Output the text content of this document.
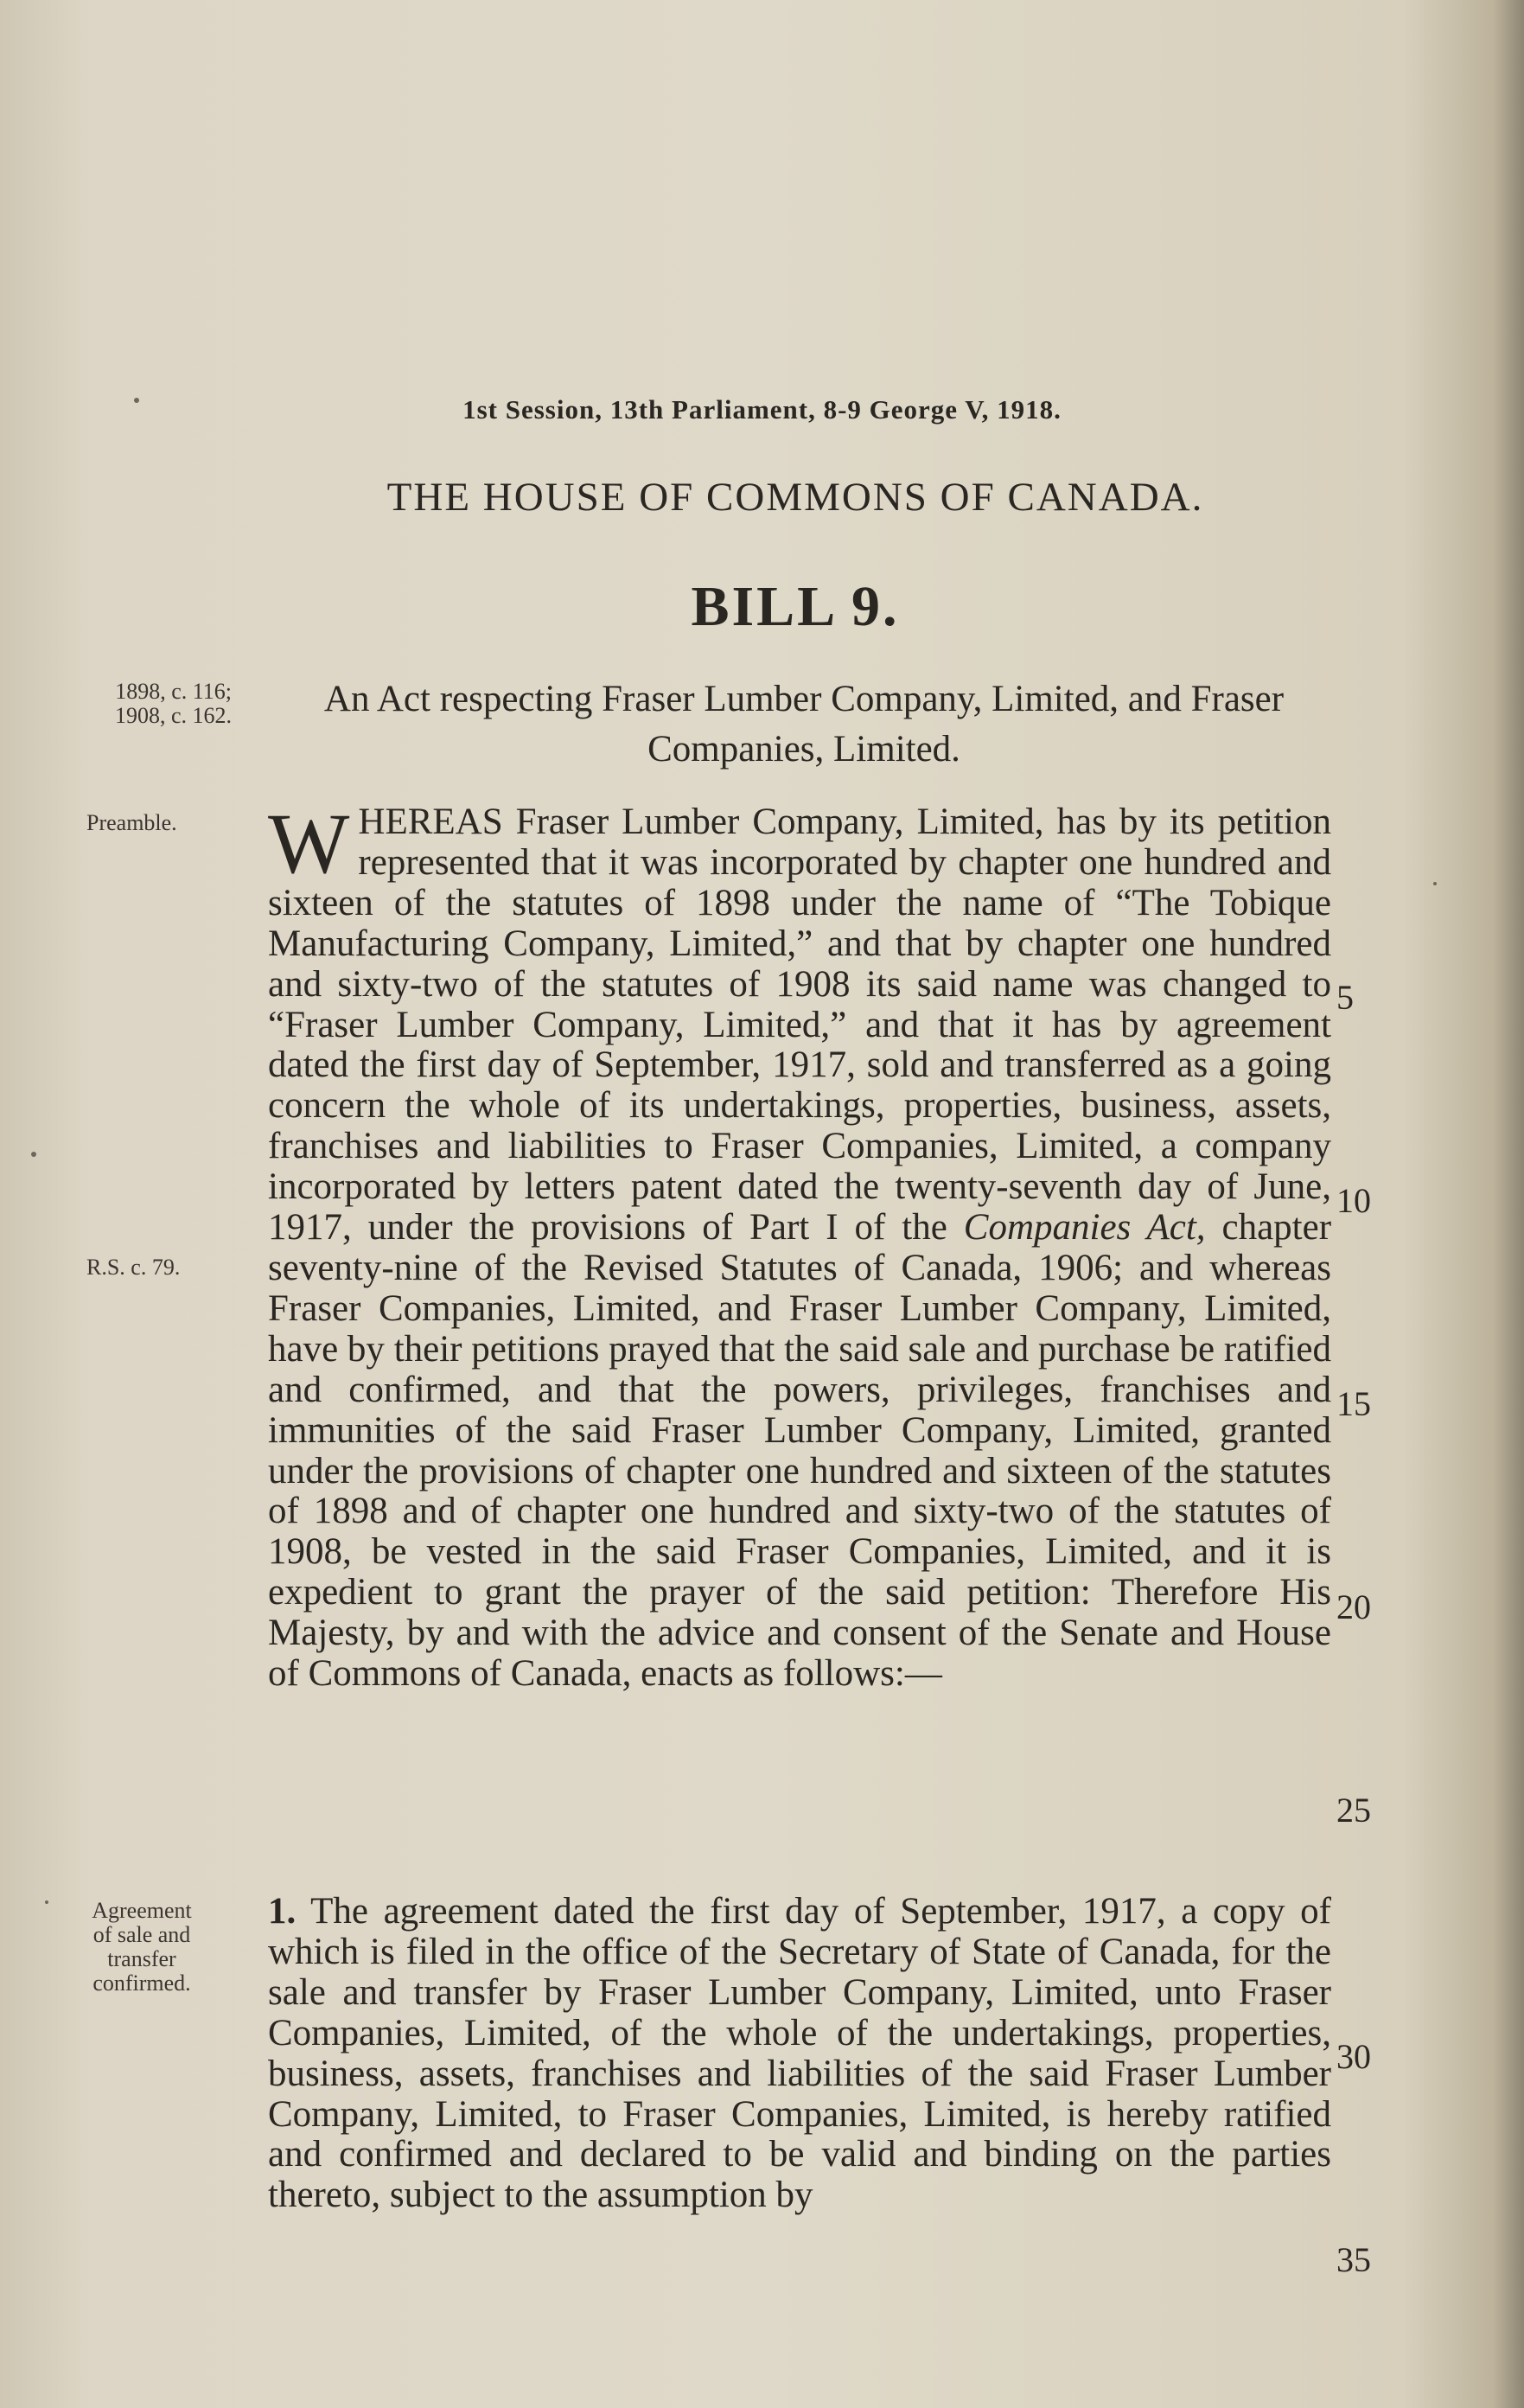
1st Session, 13th Parliament, 8-9 George V, 1918.
THE HOUSE OF COMMONS OF CANADA.
BILL 9.
1898, c. 116;
1908, c. 162.
Preamble.
R.S. c. 79.
Agreement
of sale and
transfer
confirmed.
An Act respecting Fraser Lumber Company, Limited, and Fraser Companies, Limited.
WHEREAS Fraser Lumber Company, Limited, has by its petition represented that it was incorporated by chapter one hundred and sixteen of the statutes of 1898 under the name of “The Tobique Manufacturing Company, Limited,” and that by chapter one hundred and sixty-two of the statutes of 1908 its said name was changed to “Fraser Lumber Company, Limited,” and that it has by agreement dated the first day of September, 1917, sold and transferred as a going concern the whole of its undertakings, properties, business, assets, franchises and liabilities to Fraser Companies, Limited, a company incorporated by letters patent dated the twenty-seventh day of June, 1917, under the provisions of Part I of the Companies Act, chapter seventy-nine of the Revised Statutes of Canada, 1906; and whereas Fraser Companies, Limited, and Fraser Lumber Company, Limited, have by their petitions prayed that the said sale and purchase be ratified and confirmed, and that the powers, privileges, franchises and immunities of the said Fraser Lumber Company, Limited, granted under the provisions of chapter one hundred and sixteen of the statutes of 1898 and of chapter one hundred and sixty-two of the statutes of 1908, be vested in the said Fraser Companies, Limited, and it is expedient to grant the prayer of the said petition: Therefore His Majesty, by and with the advice and consent of the Senate and House of Commons of Canada, enacts as follows:—
1. The agreement dated the first day of September, 1917, a copy of which is filed in the office of the Secretary of State of Canada, for the sale and transfer by Fraser Lumber Company, Limited, unto Fraser Companies, Limited, of the whole of the undertakings, properties, business, assets, franchises and liabilities of the said Fraser Lumber Company, Limited, to Fraser Companies, Limited, is hereby ratified and confirmed and declared to be valid and binding on the parties thereto, subject to the assumption by
5
10
15
20
25
30
35
